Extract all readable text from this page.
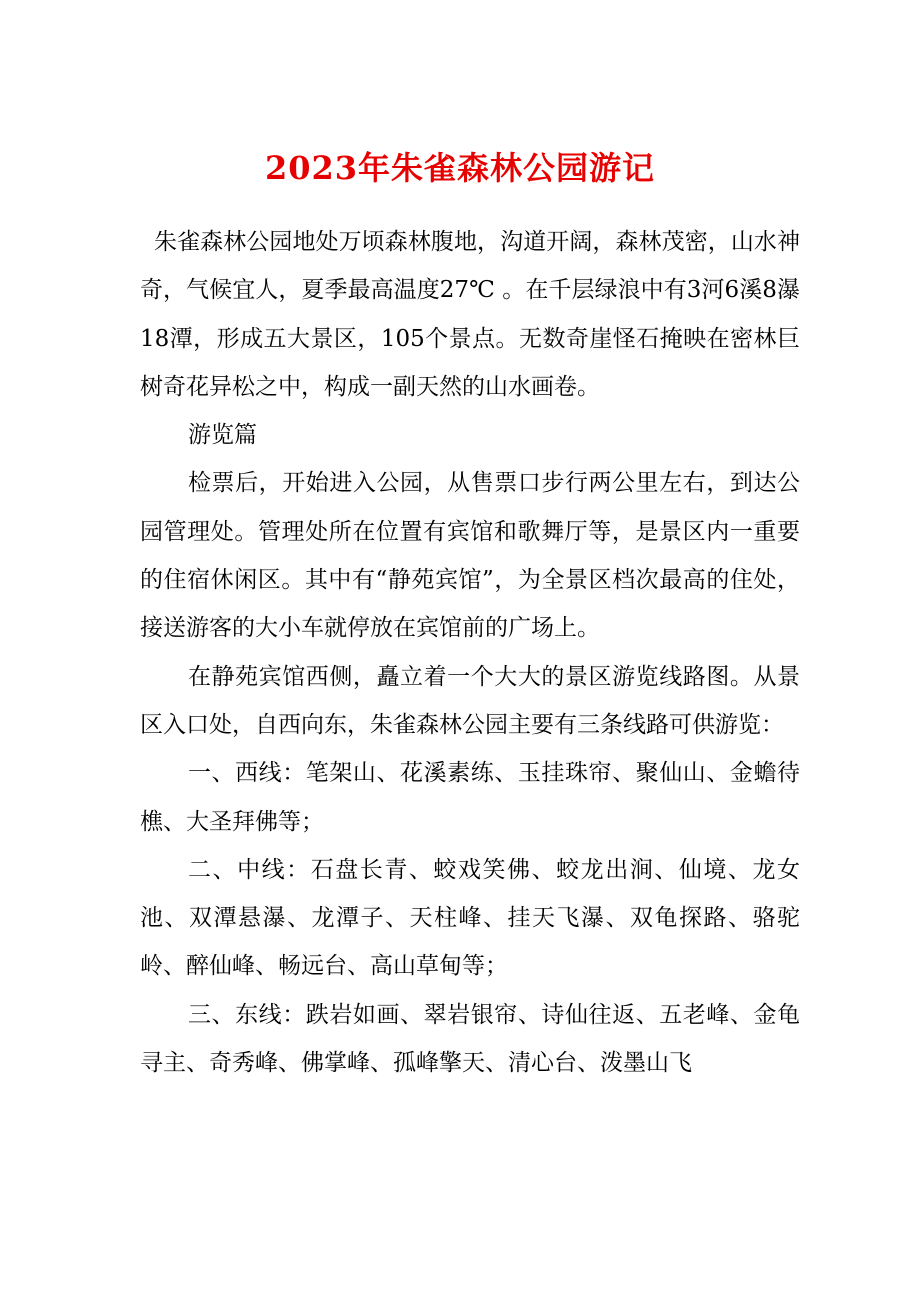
2023年朱雀森林公园游记

朱雀森林公园地处万顷森林腹地，沟道开阔，森林茂密，山水神奇，气候宜人，夏季最高温度27℃ 。在千层绿浪中有3河6溪8瀑18潭，形成五大景区，105个景点。无数奇崖怪石掩映在密林巨树奇花异松之中，构成一副天然的山水画卷。

游览篇

检票后，开始进入公园，从售票口步行两公里左右，到达公园管理处。管理处所在位置有宾馆和歌舞厅等，是景区内一重要的住宿休闲区。其中有“静苑宾馆”，为全景区档次最高的住处，接送游客的大小车就停放在宾馆前的广场上。

在静苑宾馆西侧，矗立着一个大大的景区游览线路图。从景区入口处，自西向东，朱雀森林公园主要有三条线路可供游览：

一、西线：笔架山、花溪素练、玉挂珠帘、聚仙山、金蟾待樵、大圣拜佛等；

二、中线：石盘长青、蛟戏笑佛、蛟龙出涧、仙境、龙女池、双潭悬瀑、龙潭子、天柱峰、挂天飞瀑、双龟探路、骆驼岭、醉仙峰、畅远台、高山草甸等；

三、东线：跌岩如画、翠岩银帘、诗仙往返、五老峰、金龟寻主、奇秀峰、佛掌峰、孤峰擎天、清心台、泼墨山飞
